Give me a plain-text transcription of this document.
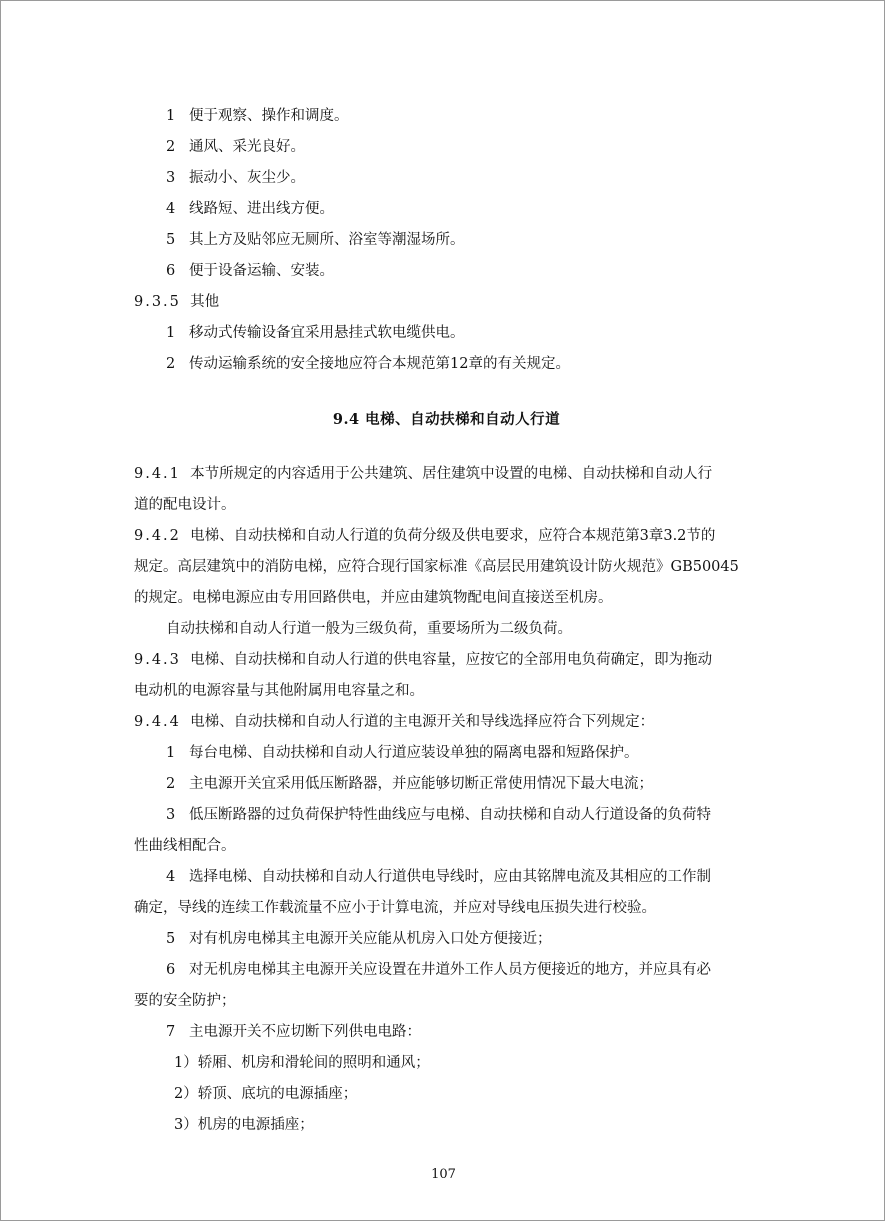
1 便于观察、操作和调度。
2 通风、采光良好。
3 振动小、灰尘少。
4 线路短、进出线方便。
5 其上方及贴邻应无厕所、浴室等潮湿场所。
6 便于设备运输、安装。
9.3.5 其他
1 移动式传输设备宜采用悬挂式软电缆供电。
2 传动运输系统的安全接地应符合本规范第12章的有关规定。
9.4 电梯、自动扶梯和自动人行道
9.4.1 本节所规定的内容适用于公共建筑、居住建筑中设置的电梯、自动扶梯和自动人行
道的配电设计。
9.4.2 电梯、自动扶梯和自动人行道的负荷分级及供电要求，应符合本规范第3章3.2节的
规定。高层建筑中的消防电梯，应符合现行国家标准《高层民用建筑设计防火规范》GB50045
的规定。电梯电源应由专用回路供电，并应由建筑物配电间直接送至机房。
自动扶梯和自动人行道一般为三级负荷，重要场所为二级负荷。
9.4.3 电梯、自动扶梯和自动人行道的供电容量，应按它的全部用电负荷确定，即为拖动
电动机的电源容量与其他附属用电容量之和。
9.4.4 电梯、自动扶梯和自动人行道的主电源开关和导线选择应符合下列规定：
1 每台电梯、自动扶梯和自动人行道应装设单独的隔离电器和短路保护。
2 主电源开关宜采用低压断路器，并应能够切断正常使用情况下最大电流；
3 低压断路器的过负荷保护特性曲线应与电梯、自动扶梯和自动人行道设备的负荷特
性曲线相配合。
4 选择电梯、自动扶梯和自动人行道供电导线时，应由其铭牌电流及其相应的工作制
确定，导线的连续工作载流量不应小于计算电流，并应对导线电压损失进行校验。
5 对有机房电梯其主电源开关应能从机房入口处方便接近；
6 对无机房电梯其主电源开关应设置在井道外工作人员方便接近的地方，并应具有必
要的安全防护；
7 主电源开关不应切断下列供电电路：
1）轿厢、机房和滑轮间的照明和通风；
2）轿顶、底坑的电源插座；
3）机房的电源插座；
107
